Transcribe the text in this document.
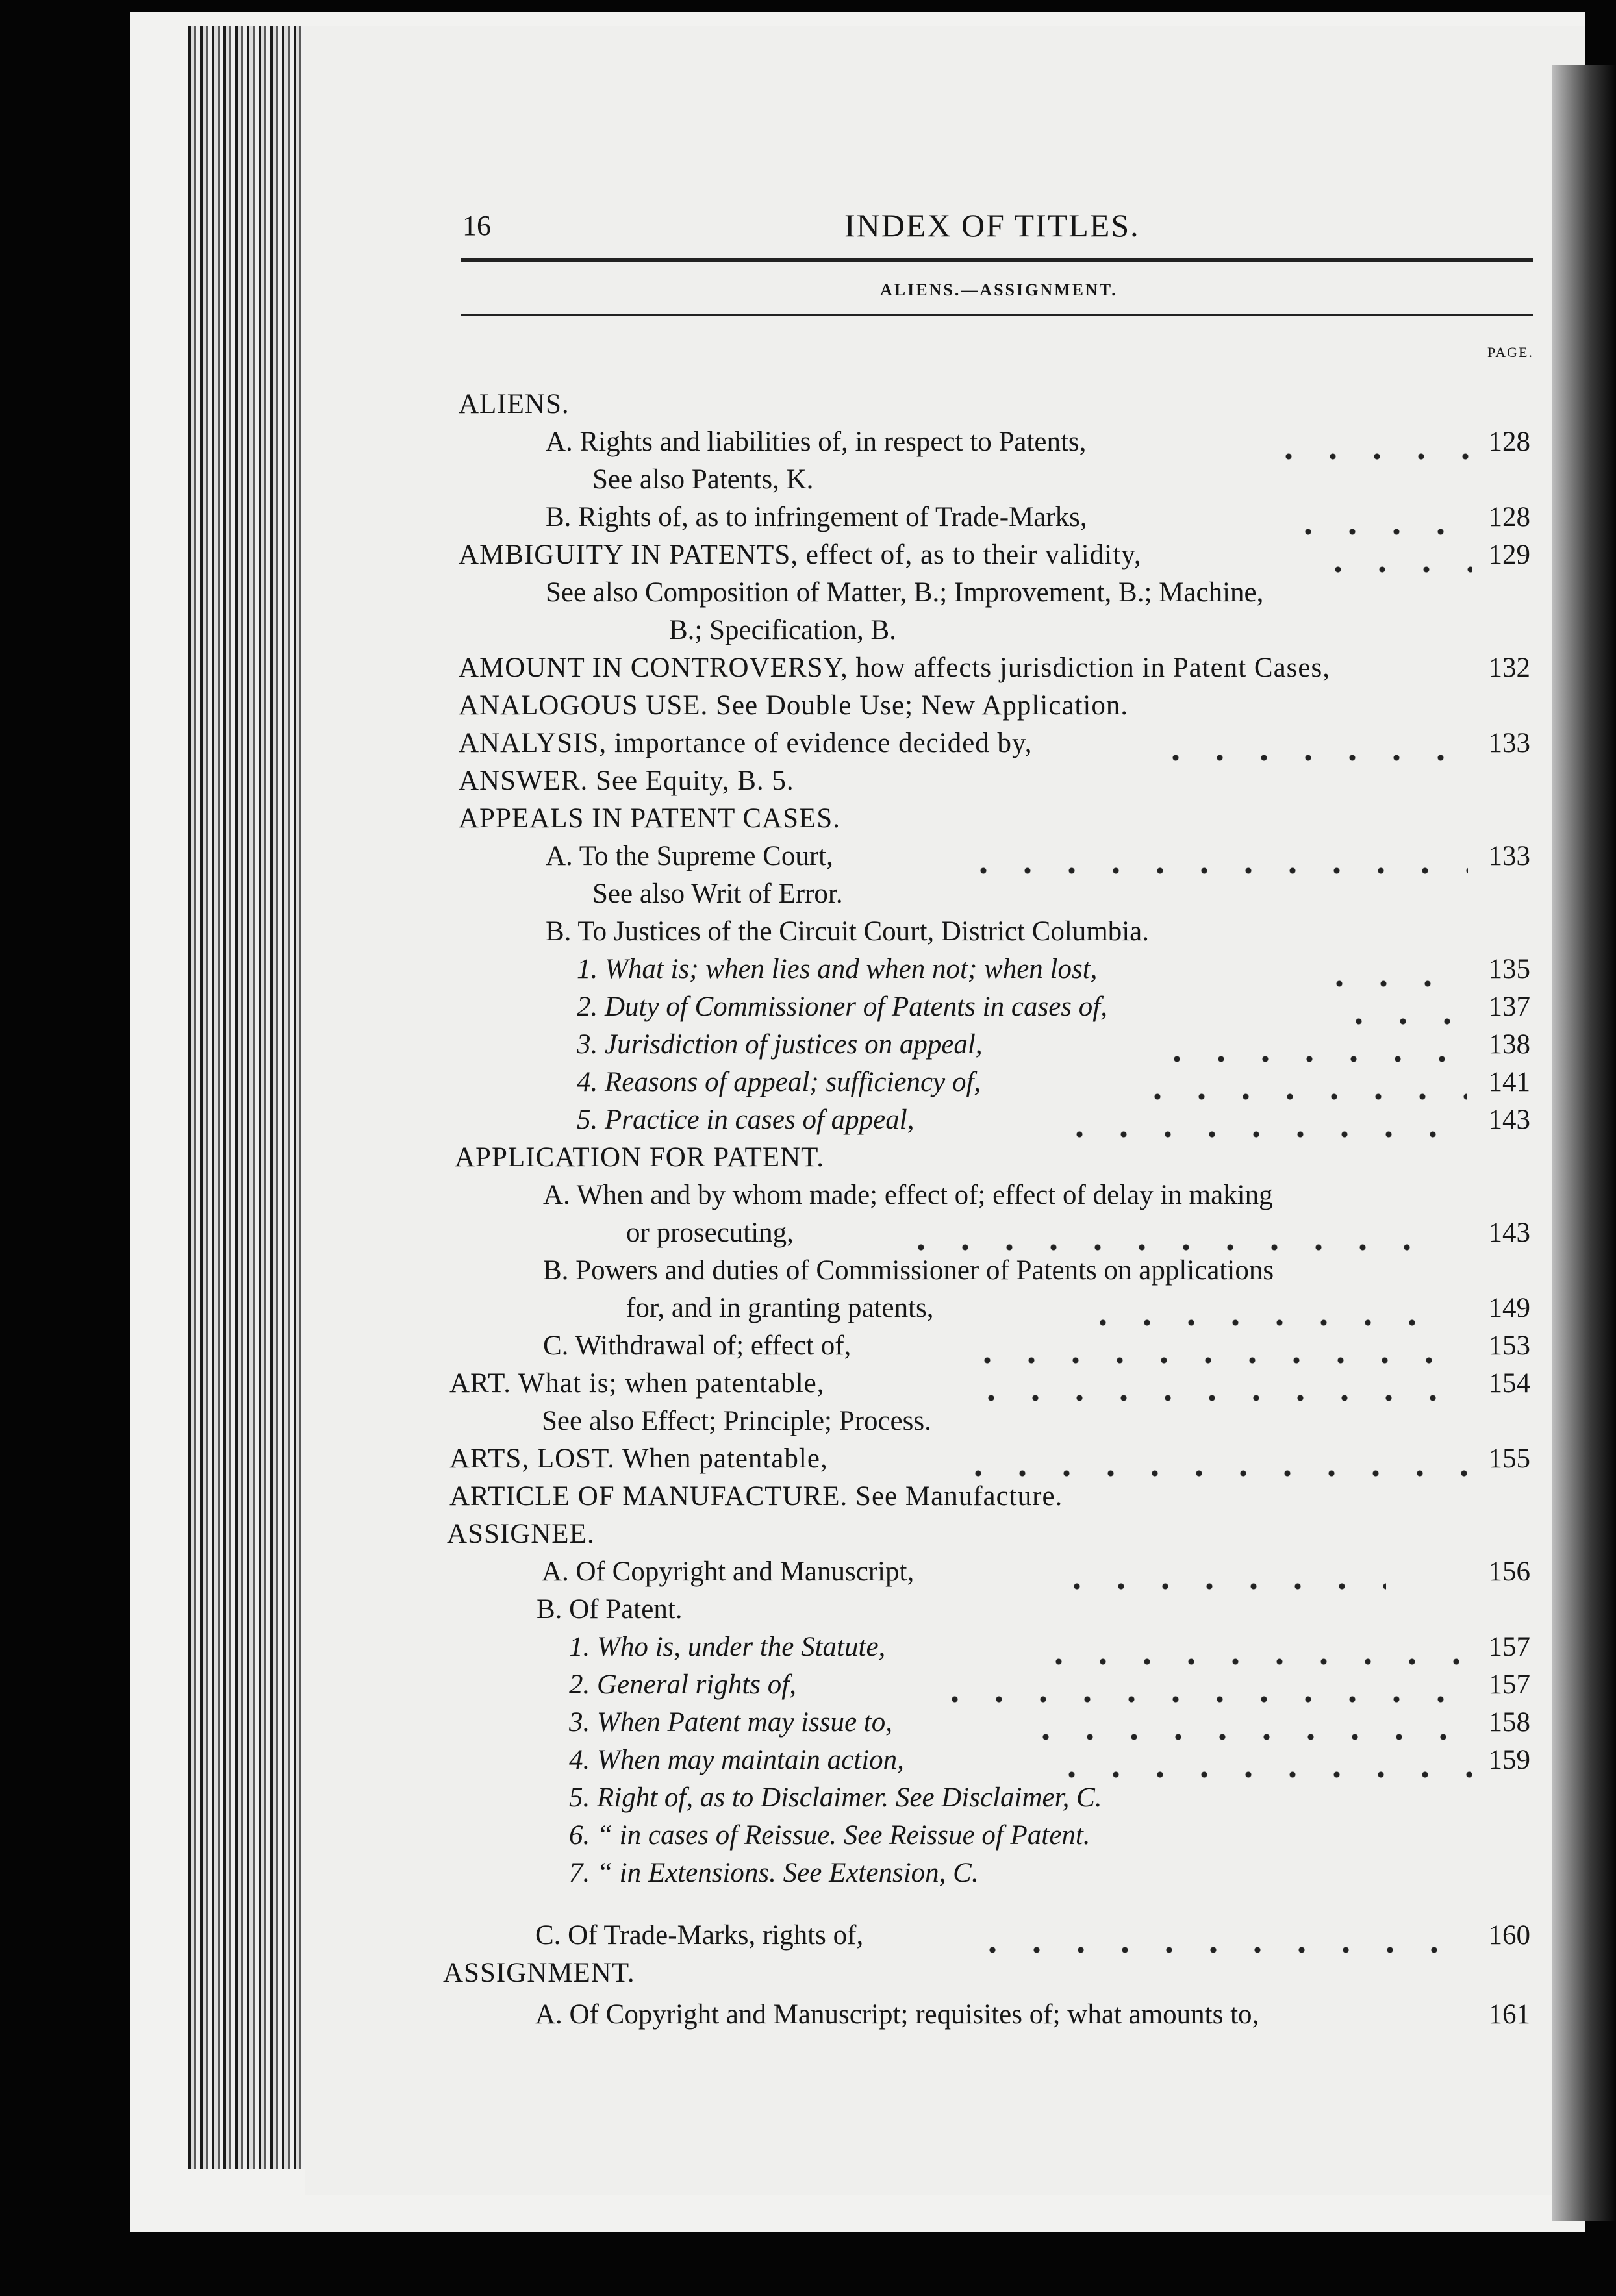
16	INDEX OF TITLES.
ALIENS.—ASSIGNMENT.
PAGE.
ALIENS.
A. Rights and liabilities of, in respect to Patents,	128
See also Patents, K.
B. Rights of, as to infringement of Trade-Marks,	128
AMBIGUITY IN PATENTS, effect of, as to their validity,	129
See also Composition of Matter, B.; Improvement, B.; Machine,
B.; Specification, B.
AMOUNT IN CONTROVERSY, how affects jurisdiction in Patent Cases,	132
ANALOGOUS USE. See Double Use; New Application.
ANALYSIS, importance of evidence decided by,	133
ANSWER. See Equity, B. 5.
APPEALS IN PATENT CASES.
A. To the Supreme Court,	133
See also Writ of Error.
B. To Justices of the Circuit Court, District Columbia.
1. What is; when lies and when not; when lost,	135
2. Duty of Commissioner of Patents in cases of,	137
3. Jurisdiction of justices on appeal,	138
4. Reasons of appeal; sufficiency of,	141
5. Practice in cases of appeal,	143
APPLICATION FOR PATENT.
A. When and by whom made; effect of; effect of delay in making
or prosecuting,	143
B. Powers and duties of Commissioner of Patents on applications
for, and in granting patents,	149
C. Withdrawal of; effect of,	153
ART. What is; when patentable,	154
See also Effect; Principle; Process.
ARTS, LOST. When patentable,	155
ARTICLE OF MANUFACTURE. See Manufacture.
ASSIGNEE.
A. Of Copyright and Manuscript,	156
B. Of Patent.
1. Who is, under the Statute,	157
2. General rights of,	157
3. When Patent may issue to,	158
4. When may maintain action,	159
5. Right of, as to Disclaimer. See Disclaimer, C.
6. “ in cases of Reissue. See Reissue of Patent.
7. “ in Extensions. See Extension, C.
C. Of Trade-Marks, rights of,	160
ASSIGNMENT.
A. Of Copyright and Manuscript; requisites of; what amounts to,	161
